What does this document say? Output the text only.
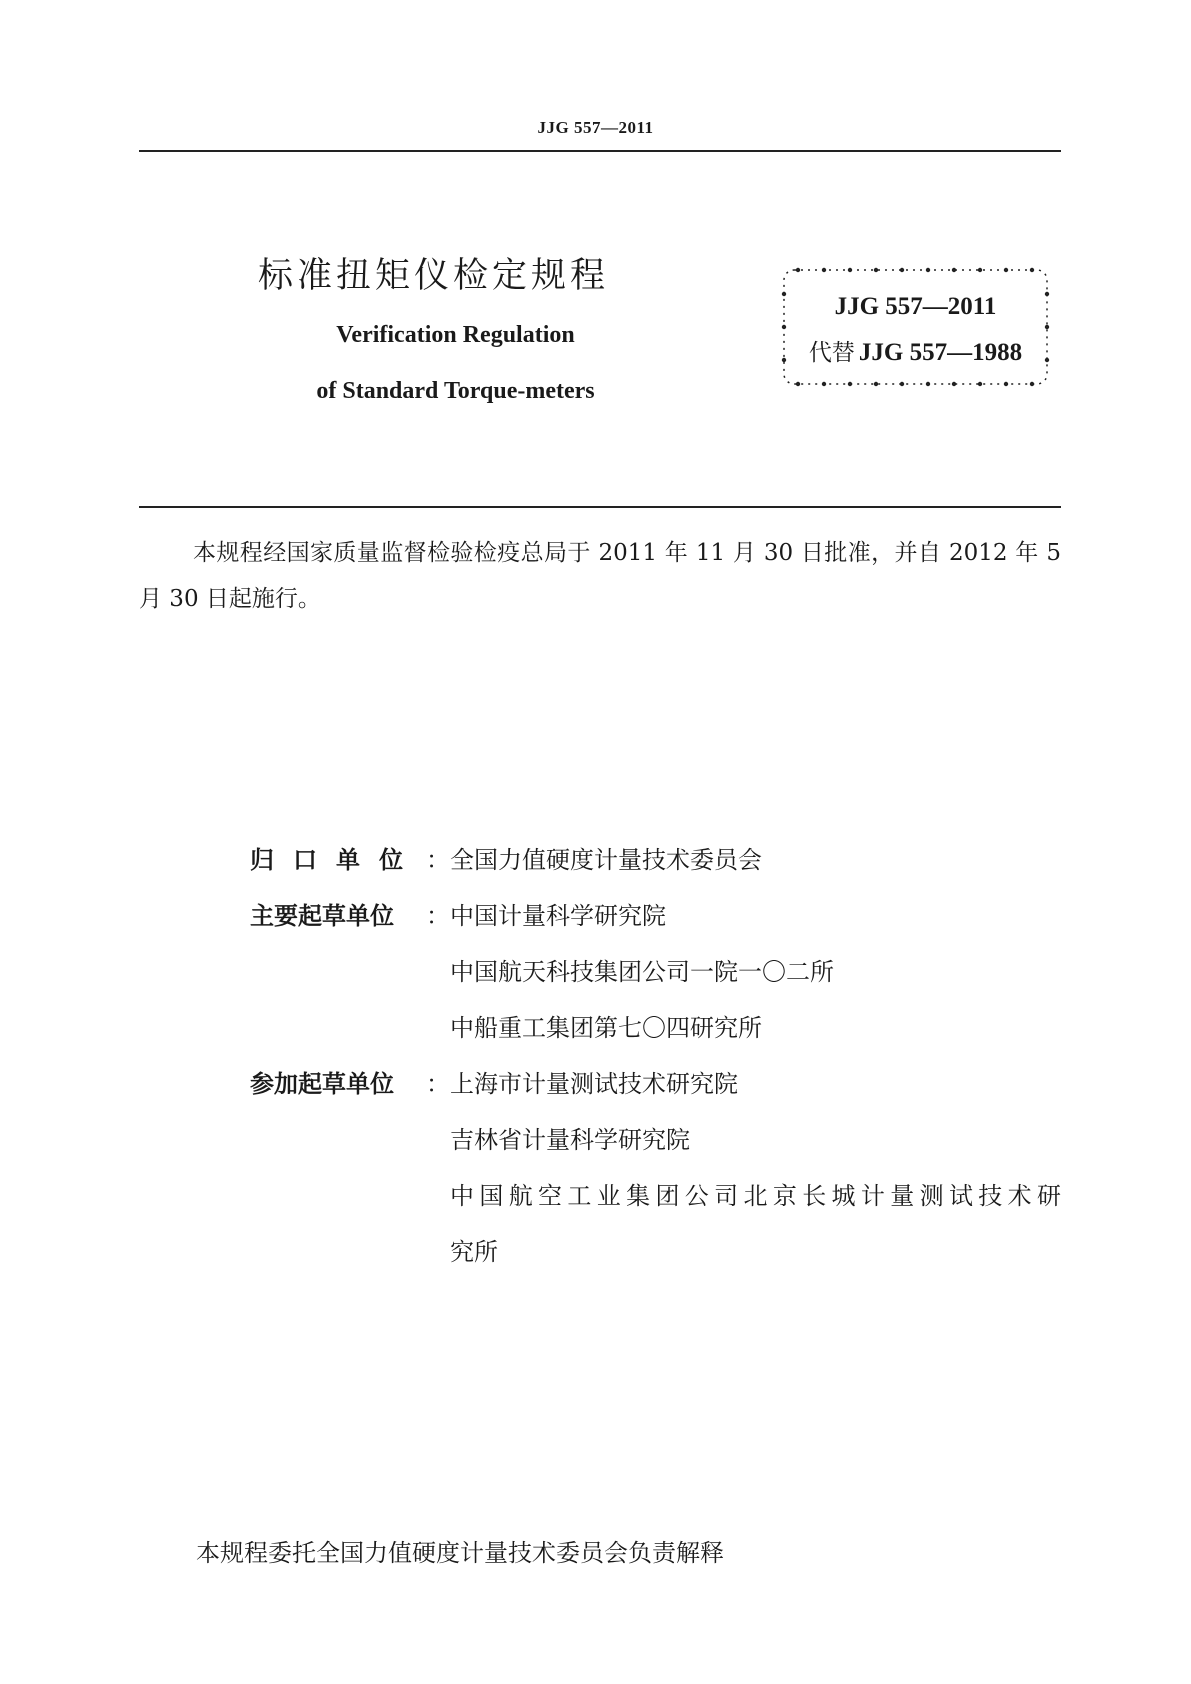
JJG 557—2011
标准扭矩仪检定规程
Verification Regulation
of Standard Torque-meters
JJG 557—2011
代替 JJG 557—1988
本规程经国家质量监督检验检疫总局于 2011 年 11 月 30 日批准，并自 2012 年 5 月 30 日起施行。
归口单位 ： 全国力值硬度计量技术委员会
主要起草单位	： 中国计量科学研究院
中国航天科技集团公司一院一〇二所
中船重工集团第七〇四研究所
参加起草单位	： 上海市计量测试技术研究院
吉林省计量科学研究院
中国航空工业集团公司北京长城计量测试技术研
究所
本规程委托全国力值硬度计量技术委员会负责解释
